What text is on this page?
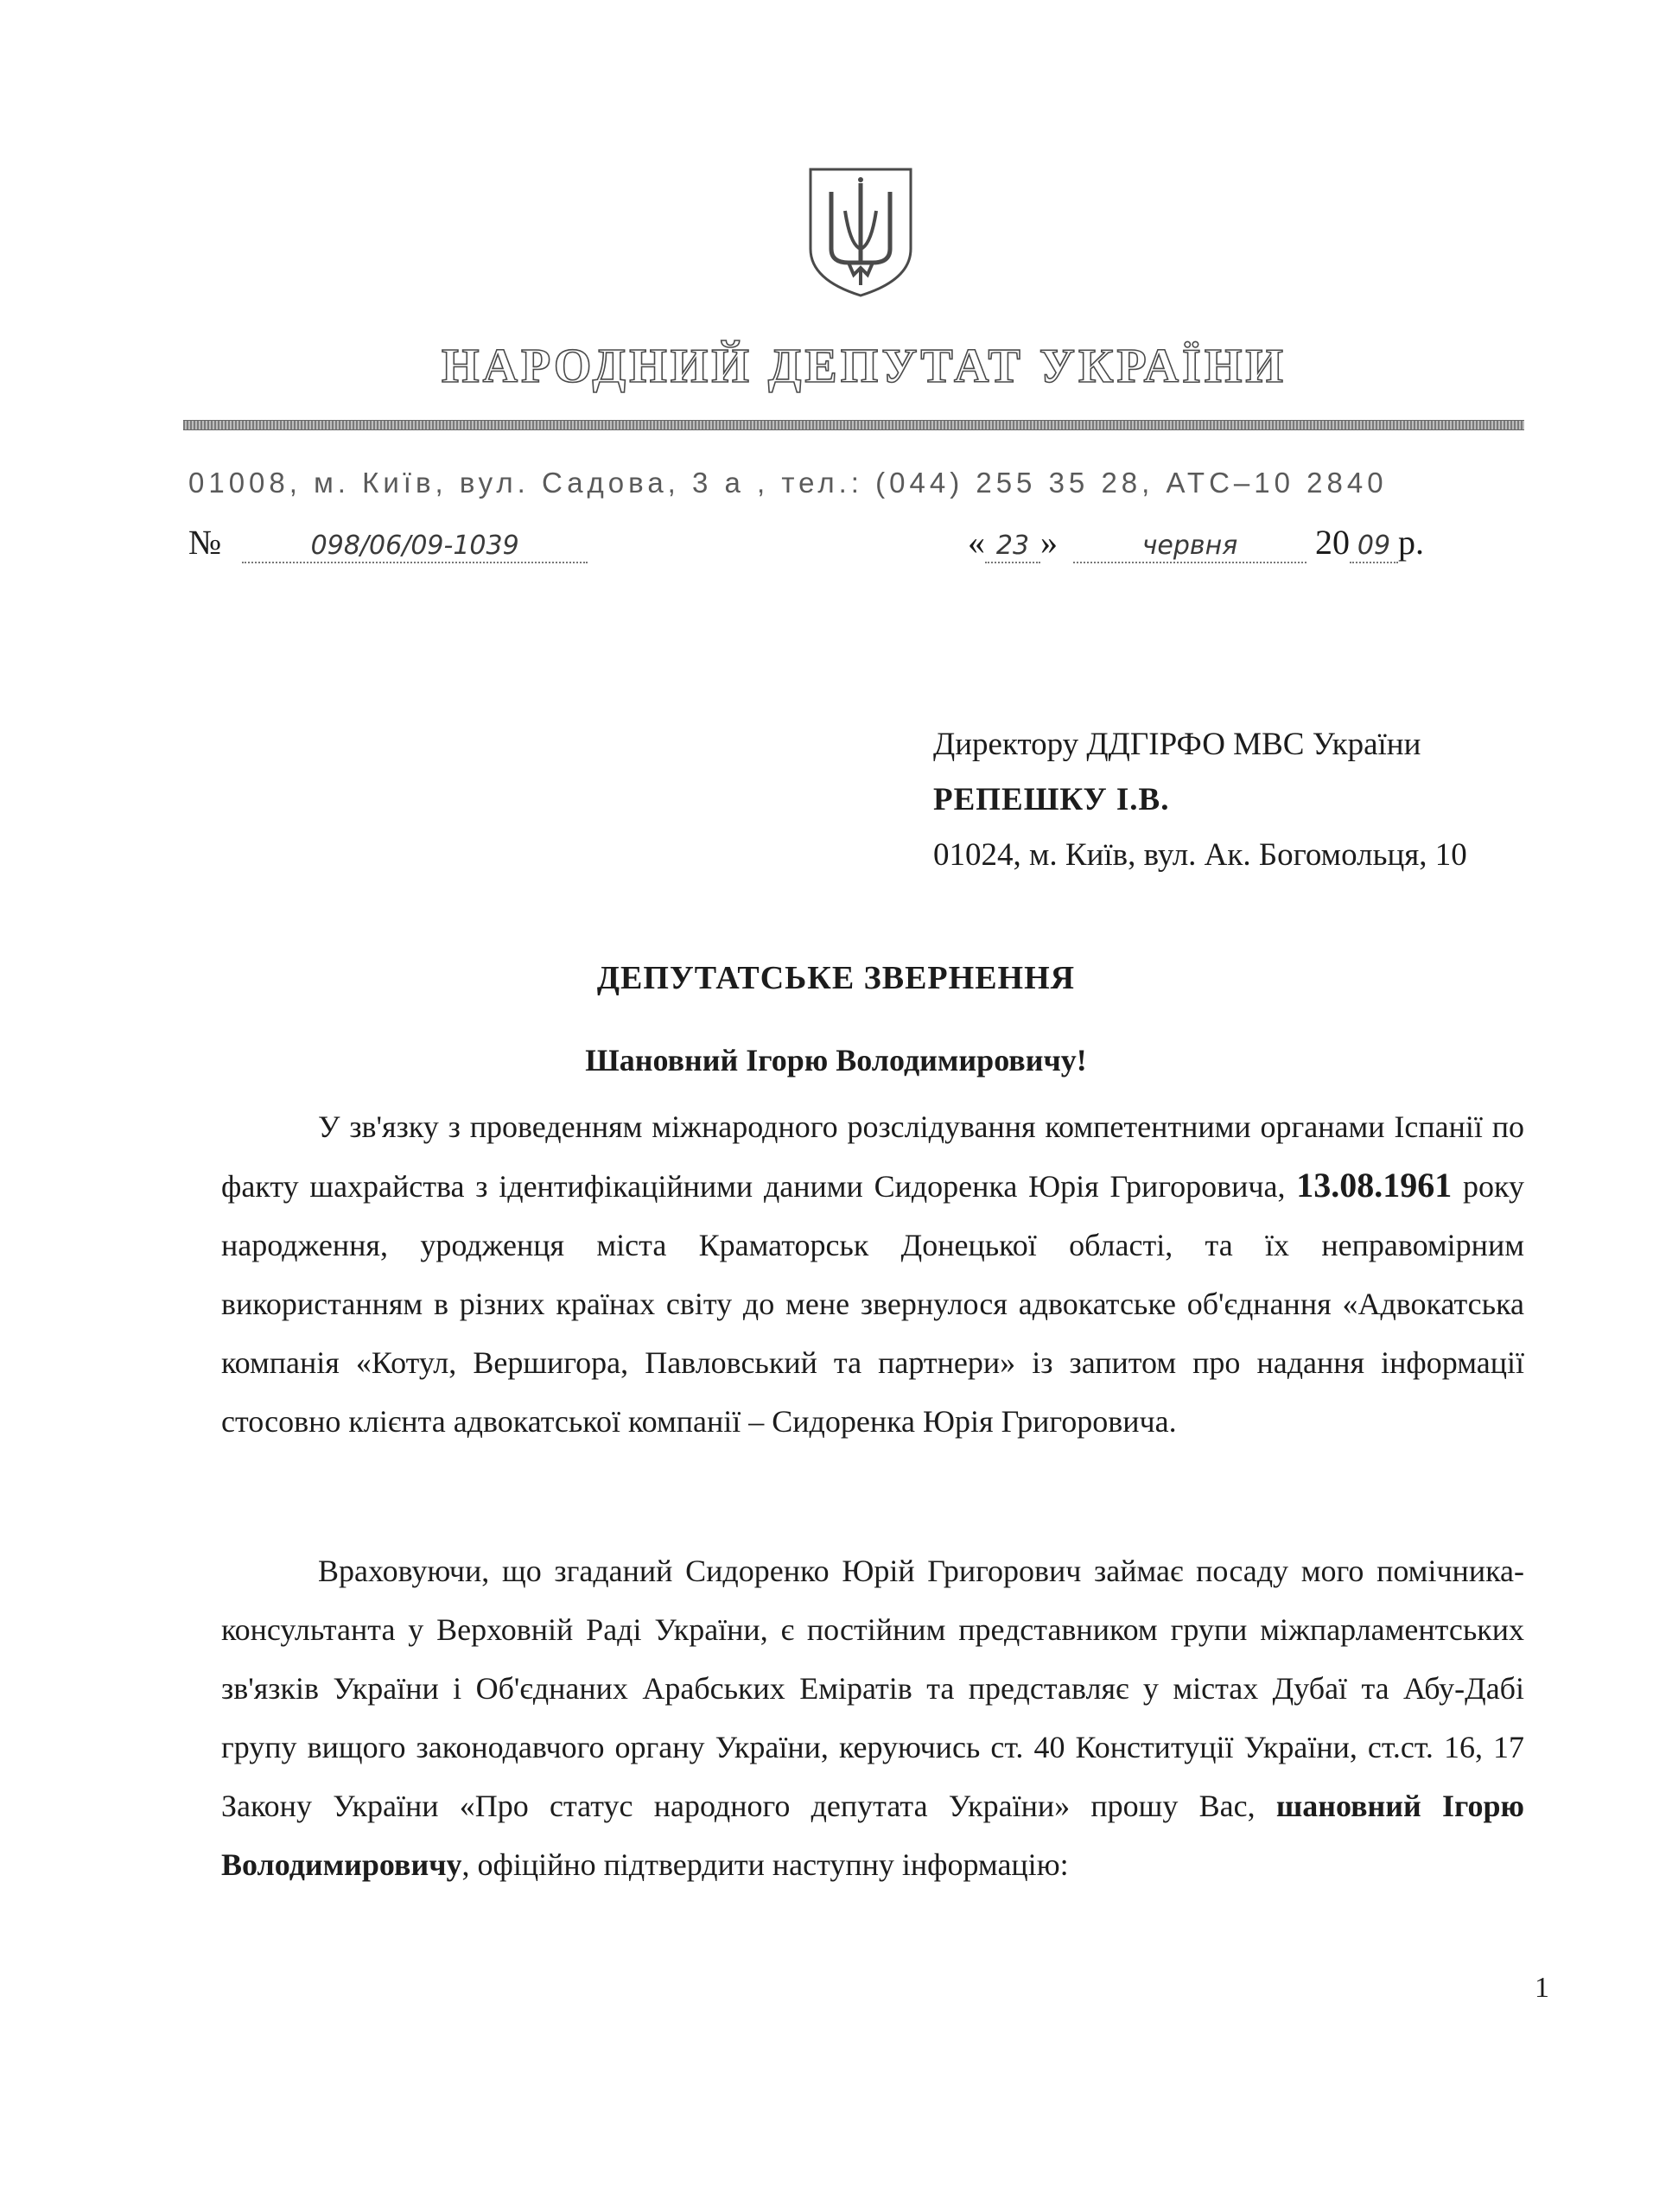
НАРОДНИЙ ДЕПУТАТ УКРАЇНИ
01008, м. Київ, вул. Садова, 3 а , тел.: (044) 255 35 28, АТС–10 2840
№	098/06/09-1039	« 23 »	червня 20 09 р.
Директору ДДГІРФО МВС України
РЕПЕШКУ І.В.
01024, м. Київ, вул. Ак. Богомольця, 10
ДЕПУТАТСЬКЕ ЗВЕРНЕННЯ
Шановний Ігорю Володимировичу!

У зв'язку з проведенням міжнародного розслідування компетентними органами Іспанії по факту шахрайства з ідентифікаційними даними Сидоренка Юрія Григоровича, 13.08.1961 року народження, уродженця міста Краматорськ Донецької області, та їх неправомірним використанням в різних країнах світу до мене звернулося адвокатське об'єднання «Адвокатська компанія «Котул, Вершигора, Павловський та партнери» із запитом про надання інформації стосовно клієнта адвокатської компанії – Сидоренка Юрія Григоровича.

Враховуючи, що згаданий Сидоренко Юрій Григорович займає посаду мого помічника-консультанта у Верховній Раді України, є постійним представником групи міжпарламентських зв'язків України і Об'єднаних Арабських Еміратів та представляє у містах Дубаї та Абу-Дабі групу вищого законодавчого органу України, керуючись ст. 40 Конституції України, ст.ст. 16, 17 Закону України «Про статус народного депутата України» прошу Вас, шановний Ігорю Володимировичу, офіційно підтвердити наступну інформацію:

1
